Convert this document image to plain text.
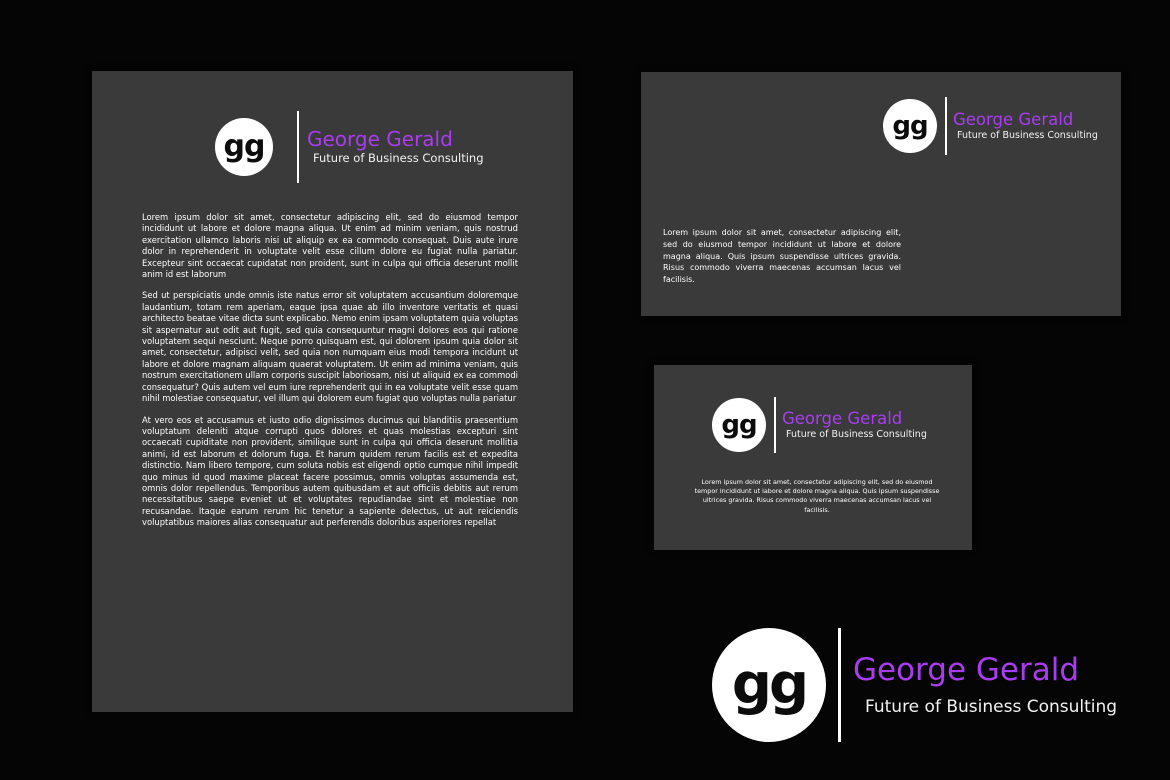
gg	George Gerald
Future of Business Consulting

Lorem ipsum dolor sit amet, consectetur adipiscing elit, sed do eiusmod tempor incididunt ut labore et dolore magna aliqua. Ut enim ad minim veniam, quis nostrud exercitation ullamco laboris nisi ut aliquip ex ea commodo consequat. Duis aute irure dolor in reprehenderit in voluptate velit esse cillum dolore eu fugiat nulla pariatur. Excepteur sint occaecat cupidatat non proident, sunt in culpa qui officia deserunt mollit anim id est laborum

Sed ut perspiciatis unde omnis iste natus error sit voluptatem accusantium doloremque laudantium, totam rem aperiam, eaque ipsa quae ab illo inventore veritatis et quasi architecto beatae vitae dicta sunt explicabo. Nemo enim ipsam voluptatem quia voluptas sit aspernatur aut odit aut fugit, sed quia consequuntur magni dolores eos qui ratione voluptatem sequi nesciunt. Neque porro quisquam est, qui dolorem ipsum quia dolor sit amet, consectetur, adipisci velit, sed quia non numquam eius modi tempora incidunt ut labore et dolore magnam aliquam quaerat voluptatem. Ut enim ad minima veniam, quis nostrum exercitationem ullam corporis suscipit laboriosam, nisi ut aliquid ex ea commodi consequatur? Quis autem vel eum iure reprehenderit qui in ea voluptate velit esse quam nihil molestiae consequatur, vel illum qui dolorem eum fugiat quo voluptas nulla pariatur

At vero eos et accusamus et iusto odio dignissimos ducimus qui blanditiis praesentium voluptatum deleniti atque corrupti quos dolores et quas molestias excepturi sint occaecati cupiditate non provident, similique sunt in culpa qui officia deserunt mollitia animi, id est laborum et dolorum fuga. Et harum quidem rerum facilis est et expedita distinctio. Nam libero tempore, cum soluta nobis est eligendi optio cumque nihil impedit quo minus id quod maxime placeat facere possimus, omnis voluptas assumenda est, omnis dolor repellendus. Temporibus autem quibusdam et aut officiis debitis aut rerum necessitatibus saepe eveniet ut et voluptates repudiandae sint et molestiae non recusandae. Itaque earum rerum hic tenetur a sapiente delectus, ut aut reiciendis voluptatibus maiores alias consequatur aut perferendis doloribus asperiores repellat

gg	George Gerald
Future of Business Consulting

Lorem ipsum dolor sit amet, consectetur adipiscing elit, sed do eiusmod tempor incididunt ut labore et dolore magna aliqua. Quis ipsum suspendisse ultrices gravida. Risus commodo viverra maecenas accumsan lacus vel facilisis.

gg	George Gerald
Future of Business Consulting

Lorem ipsum dolor sit amet, consectetur adipiscing elit, sed do eiusmod tempor incididunt ut labore et dolore magna aliqua. Quis ipsum suspendisse ultrices gravida. Risus commodo viverra maecenas accumsan lacus vel facilisis.

gg	George Gerald
Future of Business Consulting
